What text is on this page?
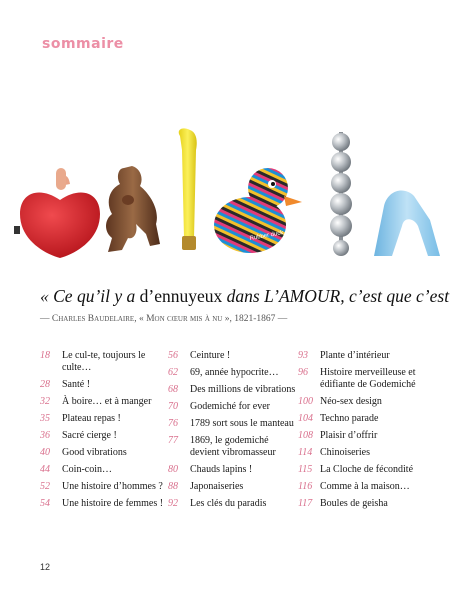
sommaire
Rubber duck
« Ce qu’il y a d’ennuyeux dans L’AMOUR, c’est que c’est
— Charles Baudelaire, « Mon cœur mis à nu », 1821-1867 —
18	Le cul-te, toujours le culte…
28	Santé !
32	À boire… et à manger
35	Plateau repas !
36	Sacré cierge !
40	Good vibrations
44	Coin-coin…
52	Une histoire d’hommes ?
54	Une histoire de femmes !
56	Ceinture !
62	69, année hypocrite…
68	Des millions de vibrations
70	Godemiché for ever
76	1789 sort sous le manteau
77	1869, le godemiché devient vibromasseur
80	Chauds lapins !
88	Japonaiseries
92	Les clés du paradis
93	Plante d’intérieur
96	Histoire merveilleuse et édifiante de Godemiché
100 Néo-sex design
104 Techno parade
108 Plaisir d’offrir
114 Chinoiseries
115 La Cloche de fécondité
116 Comme à la maison…
117 Boules de geisha
12
